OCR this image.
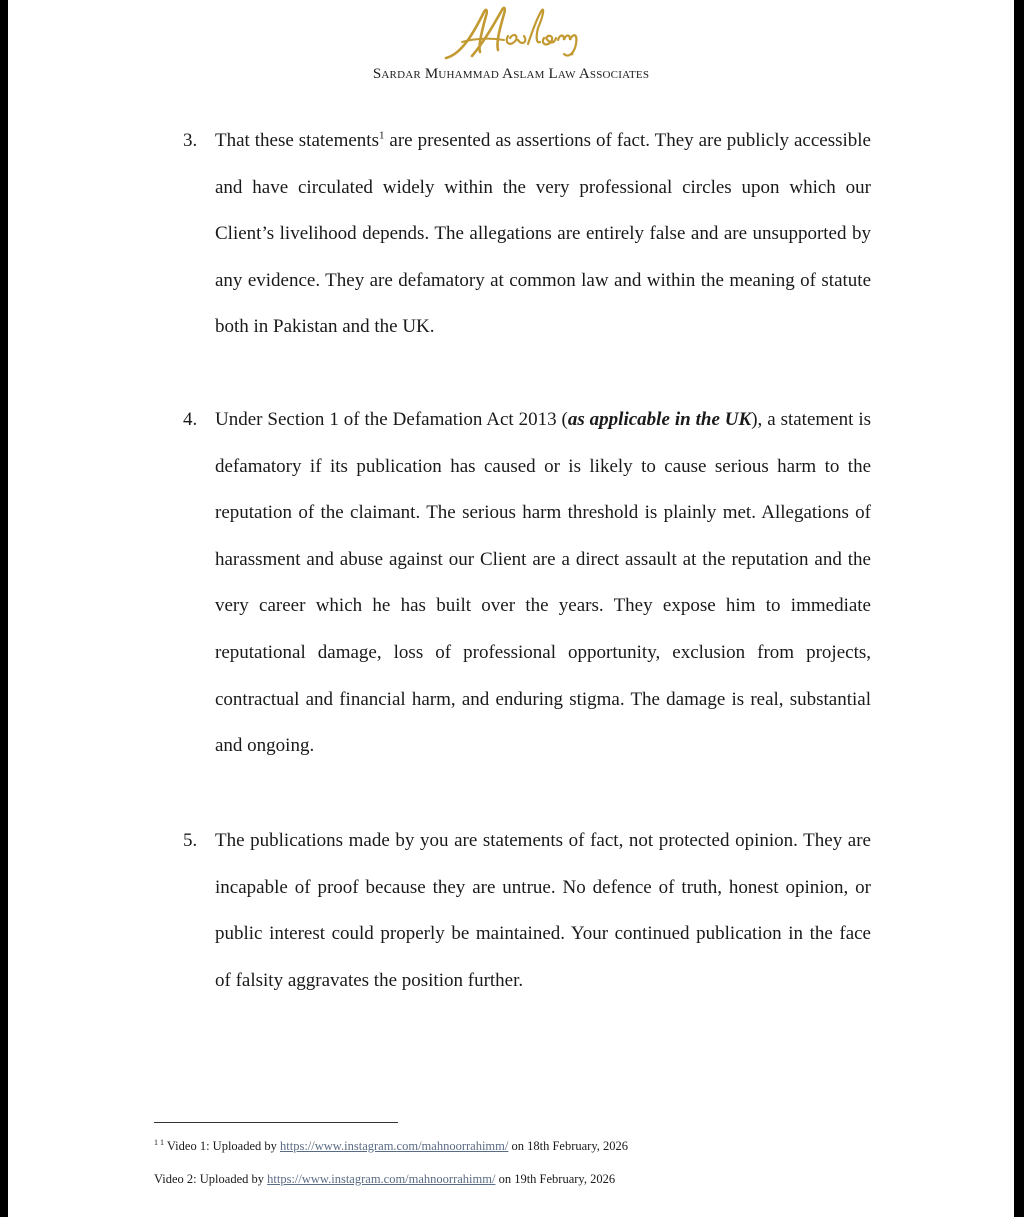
Sardar Muhammad Aslam Law Associates
3. That these statements$^1$ are presented as assertions of fact. They are publicly accessible and have circulated widely within the very professional circles upon which our Client’s livelihood depends. The allegations are entirely false and are unsupported by any evidence. They are defamatory at common law and within the meaning of statute both in Pakistan and the UK.
4. Under Section 1 of the Defamation Act 2013 (as applicable in the UK), a statement is defamatory if its publication has caused or is likely to cause serious harm to the reputation of the claimant. The serious harm threshold is plainly met. Allegations of harassment and abuse against our Client are a direct assault at the reputation and the very career which he has built over the years. They expose him to immediate reputational damage, loss of professional opportunity, exclusion from projects, contractual and financial harm, and enduring stigma. The damage is real, substantial and ongoing.
5. The publications made by you are statements of fact, not protected opinion. They are incapable of proof because they are untrue. No defence of truth, honest opinion, or public interest could properly be maintained. Your continued publication in the face of falsity aggravates the position further.
$^{1 1}$ Video 1: Uploaded by https://www.instagram.com/mahnoorrahimm/ on 18th February, 2026
Video 2: Uploaded by https://www.instagram.com/mahnoorrahimm/ on 19th February, 2026
